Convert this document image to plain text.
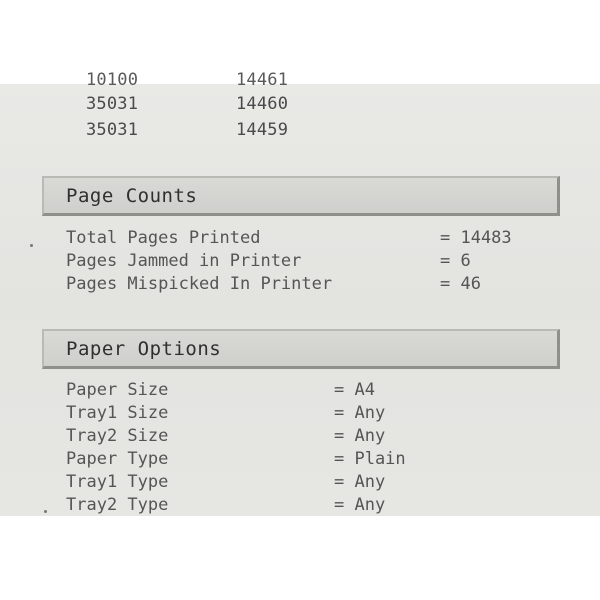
10100	14461
35031	14460
35031	14459
Page Counts
Total Pages Printed	= 14483
Pages Jammed in Printer	= 6
Pages Mispicked In Printer	= 46
Paper Options
Paper Size	= A4
Tray1 Size	= Any
Tray2 Size	= Any
Paper Type	= Plain
Tray1 Type	= Any
Tray2 Type	= Any
